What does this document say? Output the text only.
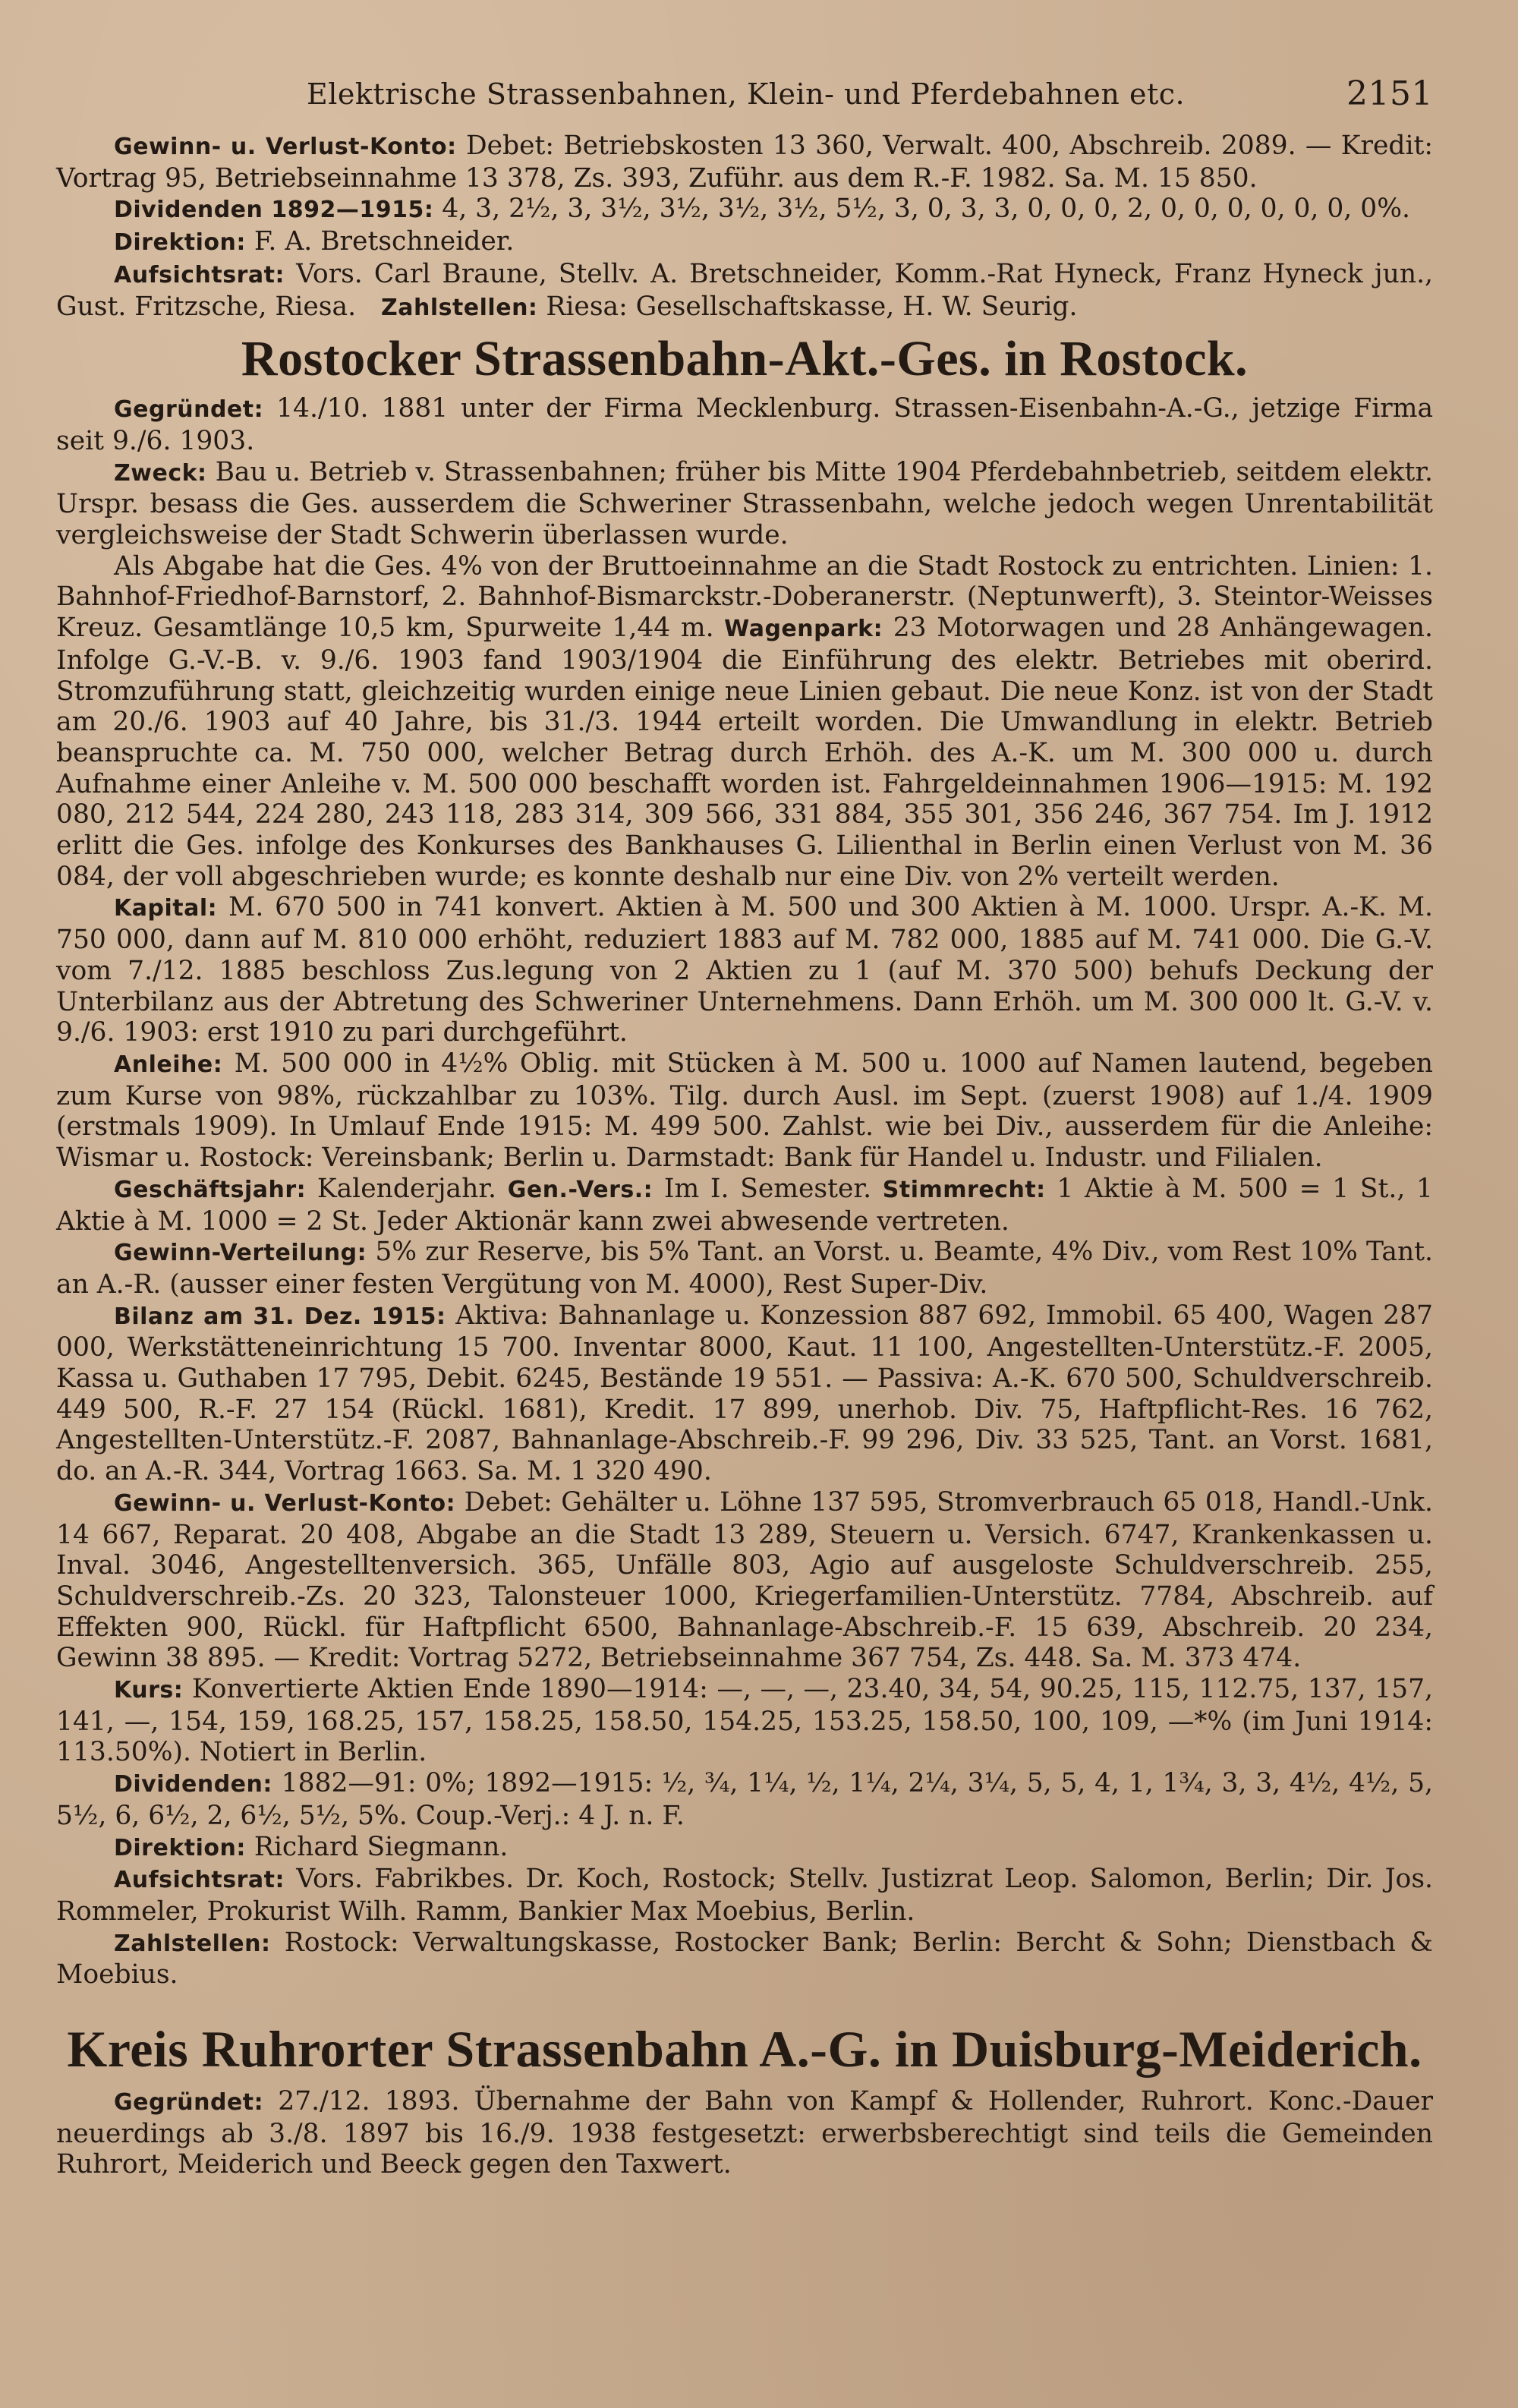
Elektrische Strassenbahnen, Klein- und Pferdebahnen etc.	2151

Gewinn- u. Verlust-Konto: Debet: Betriebskosten 13 360, Verwalt. 400, Abschreib. 2089. — Kredit: Vortrag 95, Betriebseinnahme 13 378, Zs. 393, Zuführ. aus dem R.-F. 1982. Sa. M. 15 850.

Dividenden 1892—1915: 4, 3, 2½, 3, 3½, 3½, 3½, 3½, 5½, 3, 0, 3, 3, 0, 0, 0, 2, 0, 0, 0, 0, 0, 0, 0%.

Direktion: F. A. Bretschneider.

Aufsichtsrat: Vors. Carl Braune, Stellv. A. Bretschneider, Komm.-Rat Hyneck, Franz Hyneck jun., Gust. Fritzsche, Riesa. Zahlstellen: Riesa: Gesellschaftskasse, H. W. Seurig.

Rostocker Strassenbahn-Akt.-Ges. in Rostock.

Gegründet: 14./10. 1881 unter der Firma Mecklenburg. Strassen-Eisenbahn-A.-G., jetzige Firma seit 9./6. 1903.

Zweck: Bau u. Betrieb v. Strassenbahnen; früher bis Mitte 1904 Pferdebahnbetrieb, seitdem elektr. Urspr. besass die Ges. ausserdem die Schweriner Strassenbahn, welche jedoch wegen Unrentabilität vergleichsweise der Stadt Schwerin überlassen wurde.

Als Abgabe hat die Ges. 4% von der Bruttoeinnahme an die Stadt Rostock zu entrichten. Linien: 1. Bahnhof-Friedhof-Barnstorf, 2. Bahnhof-Bismarckstr.-Doberanerstr. (Neptunwerft), 3. Steintor-Weisses Kreuz. Gesamtlänge 10,5 km, Spurweite 1,44 m. Wagenpark: 23 Motorwagen und 28 Anhängewagen. Infolge G.-V.-B. v. 9./6. 1903 fand 1903/1904 die Einführung des elektr. Betriebes mit oberird. Stromzuführung statt, gleichzeitig wurden einige neue Linien gebaut. Die neue Konz. ist von der Stadt am 20./6. 1903 auf 40 Jahre, bis 31./3. 1944 erteilt worden. Die Umwandlung in elektr. Betrieb beanspruchte ca. M. 750 000, welcher Betrag durch Erhöh. des A.-K. um M. 300 000 u. durch Aufnahme einer Anleihe v. M. 500 000 beschafft worden ist. Fahrgeldeinnahmen 1906—1915: M. 192 080, 212 544, 224 280, 243 118, 283 314, 309 566, 331 884, 355 301, 356 246, 367 754. Im J. 1912 erlitt die Ges. infolge des Konkurses des Bankhauses G. Lilienthal in Berlin einen Verlust von M. 36 084, der voll abgeschrieben wurde; es konnte deshalb nur eine Div. von 2% verteilt werden.

Kapital: M. 670 500 in 741 konvert. Aktien à M. 500 und 300 Aktien à M. 1000. Urspr. A.-K. M. 750 000, dann auf M. 810 000 erhöht, reduziert 1883 auf M. 782 000, 1885 auf M. 741 000. Die G.-V. vom 7./12. 1885 beschloss Zus.legung von 2 Aktien zu 1 (auf M. 370 500) behufs Deckung der Unterbilanz aus der Abtretung des Schweriner Unternehmens. Dann Erhöh. um M. 300 000 lt. G.-V. v. 9./6. 1903: erst 1910 zu pari durchgeführt.

Anleihe: M. 500 000 in 4½% Oblig. mit Stücken à M. 500 u. 1000 auf Namen lautend, begeben zum Kurse von 98%, rückzahlbar zu 103%. Tilg. durch Ausl. im Sept. (zuerst 1908) auf 1./4. 1909 (erstmals 1909). In Umlauf Ende 1915: M. 499 500. Zahlst. wie bei Div., ausserdem für die Anleihe: Wismar u. Rostock: Vereinsbank; Berlin u. Darmstadt: Bank für Handel u. Industr. und Filialen.

Geschäftsjahr: Kalenderjahr. Gen.-Vers.: Im I. Semester. Stimmrecht: 1 Aktie à M. 500 = 1 St., 1 Aktie à M. 1000 = 2 St. Jeder Aktionär kann zwei abwesende vertreten.

Gewinn-Verteilung: 5% zur Reserve, bis 5% Tant. an Vorst. u. Beamte, 4% Div., vom Rest 10% Tant. an A.-R. (ausser einer festen Vergütung von M. 4000), Rest Super-Div.

Bilanz am 31. Dez. 1915: Aktiva: Bahnanlage u. Konzession 887 692, Immobil. 65 400, Wagen 287 000, Werkstätteneinrichtung 15 700. Inventar 8000, Kaut. 11 100, Angestellten-Unterstütz.-F. 2005, Kassa u. Guthaben 17 795, Debit. 6245, Bestände 19 551. — Passiva: A.-K. 670 500, Schuldverschreib. 449 500, R.-F. 27 154 (Rückl. 1681), Kredit. 17 899, unerhob. Div. 75, Haftpflicht-Res. 16 762, Angestellten-Unterstütz.-F. 2087, Bahnanlage-Abschreib.-F. 99 296, Div. 33 525, Tant. an Vorst. 1681, do. an A.-R. 344, Vortrag 1663. Sa. M. 1 320 490.

Gewinn- u. Verlust-Konto: Debet: Gehälter u. Löhne 137 595, Stromverbrauch 65 018, Handl.-Unk. 14 667, Reparat. 20 408, Abgabe an die Stadt 13 289, Steuern u. Versich. 6747, Krankenkassen u. Inval. 3046, Angestelltenversich. 365, Unfälle 803, Agio auf ausgeloste Schuldverschreib. 255, Schuldverschreib.-Zs. 20 323, Talonsteuer 1000, Kriegerfamilien-Unterstütz. 7784, Abschreib. auf Effekten 900, Rückl. für Haftpflicht 6500, Bahnanlage-Abschreib.-F. 15 639, Abschreib. 20 234, Gewinn 38 895. — Kredit: Vortrag 5272, Betriebseinnahme 367 754, Zs. 448. Sa. M. 373 474.

Kurs: Konvertierte Aktien Ende 1890—1914: —, —, —, 23.40, 34, 54, 90.25, 115, 112.75, 137, 157, 141, —, 154, 159, 168.25, 157, 158.25, 158.50, 154.25, 153.25, 158.50, 100, 109, —*% (im Juni 1914: 113.50%). Notiert in Berlin.

Dividenden: 1882—91: 0%; 1892—1915: ½, ¾, 1¼, ½, 1¼, 2¼, 3¼, 5, 5, 4, 1, 1¾, 3, 3, 4½, 4½, 5, 5½, 6, 6½, 2, 6½, 5½, 5%. Coup.-Verj.: 4 J. n. F.

Direktion: Richard Siegmann.

Aufsichtsrat: Vors. Fabrikbes. Dr. Koch, Rostock; Stellv. Justizrat Leop. Salomon, Berlin; Dir. Jos. Rommeler, Prokurist Wilh. Ramm, Bankier Max Moebius, Berlin.

Zahlstellen: Rostock: Verwaltungskasse, Rostocker Bank; Berlin: Bercht & Sohn; Dienstbach & Moebius.

Kreis Ruhrorter Strassenbahn A.-G. in Duisburg-Meiderich.

Gegründet: 27./12. 1893. Übernahme der Bahn von Kampf & Hollender, Ruhrort. Konc.-Dauer neuerdings ab 3./8. 1897 bis 16./9. 1938 festgesetzt: erwerbsberechtigt sind teils die Gemeinden Ruhrort, Meiderich und Beeck gegen den Taxwert.
